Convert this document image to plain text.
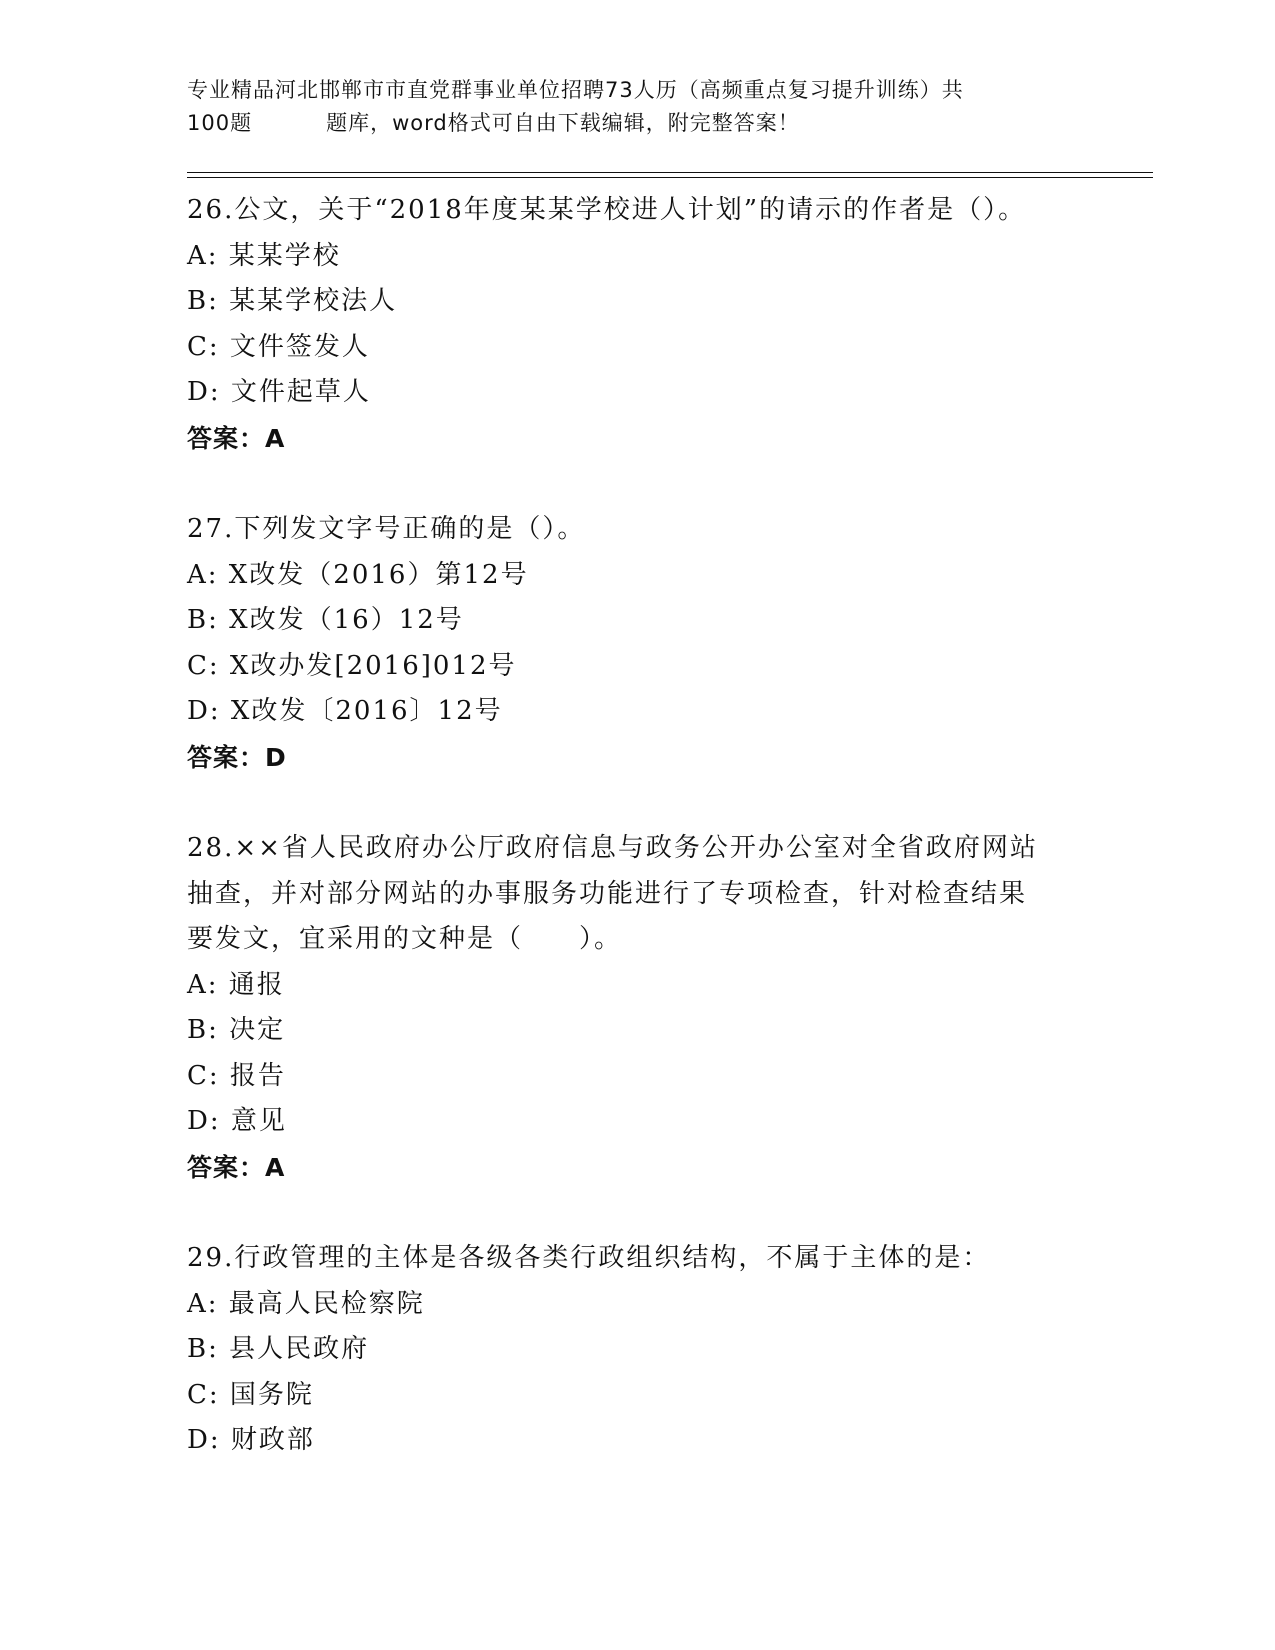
专业精品河北邯郸市市直党群事业单位招聘73人历（高频重点复习提升训练）共
100题	题库，word格式可自由下载编辑，附完整答案！
26.公文，关于“2018年度某某学校进人计划”的请示的作者是（）。
A: 某某学校
B: 某某学校法人
C: 文件签发人
D: 文件起草人
答案：A
27.下列发文字号正确的是（）。
A: X改发（2016）第12号
B: X改发（16）12号
C: X改办发[2016]012号
D: X改发〔2016〕12号
答案：D
28.××省人民政府办公厅政府信息与政务公开办公室对全省政府网站
抽查，并对部分网站的办事服务功能进行了专项检查，针对检查结果
要发文，宜采用的文种是（　　）。
A: 通报
B: 决定
C: 报告
D: 意见
答案：A
29.行政管理的主体是各级各类行政组织结构，不属于主体的是：
A: 最高人民检察院
B: 县人民政府
C: 国务院
D: 财政部
